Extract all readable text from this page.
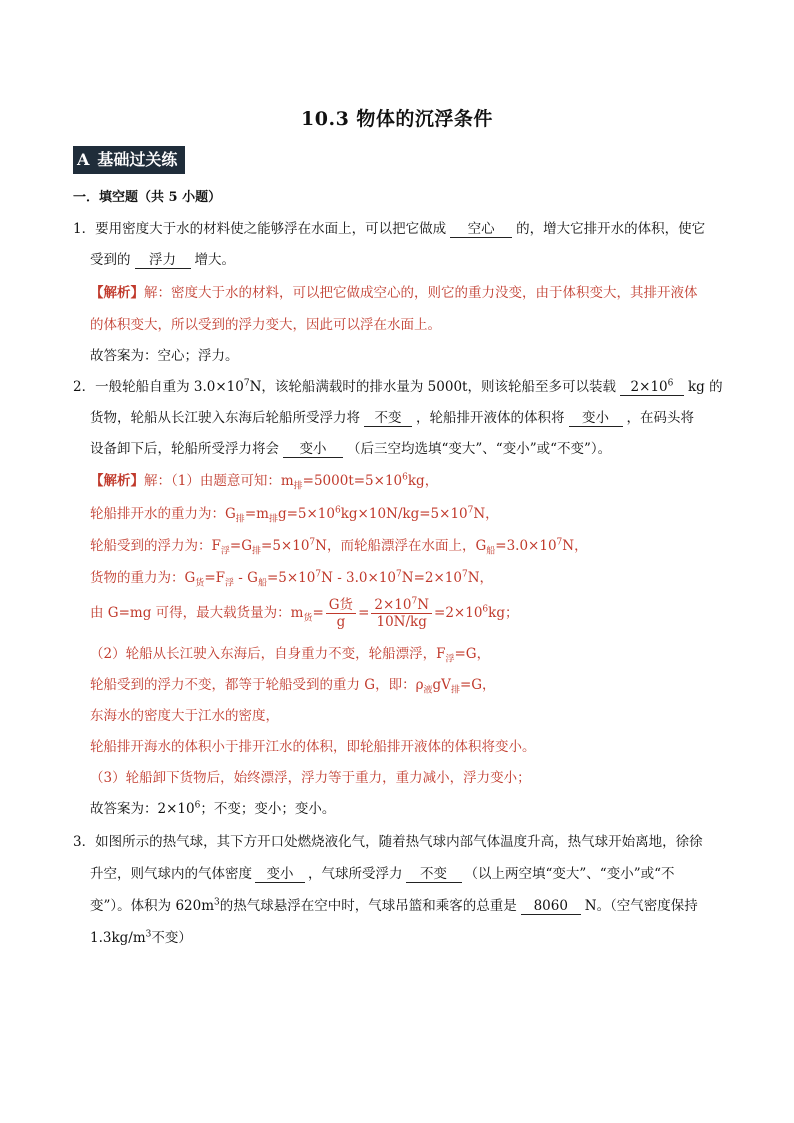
10.3 物体的沉浮条件
A 基础过关练
一．填空题（共 5 小题）
1．要用密度大于水的材料使之能够浮在水面上，可以把它做成 空心 的，增大它排开水的体积，使它
受到的 浮力 增大。
【解析】解：密度大于水的材料，可以把它做成空心的，则它的重力没变，由于体积变大，其排开液体
的体积变大，所以受到的浮力变大，因此可以浮在水面上。
故答案为：空心；浮力。
2．一般轮船自重为 $3.0\times 10^7N$，该轮船满载时的排水量为 5000t，则该轮船至多可以装载 $2\times 10^6$ kg 的
货物，轮船从长江驶入东海后轮船所受浮力将 不变 ，轮船排开液体的体积将 变小 ，在码头将
设备卸下后，轮船所受浮力将会 变小 （后三空均选填“变大”、“变小”或“不变”）。
【解析】解：（1）由题意可知：$m_排=5000t=5\times 10^6kg$，
轮船排开水的重力为：$G_排=m_排g=5\times 10^6kg\times 10N/kg=5\times 10^7N$，
轮船受到的浮力为：$F_浮=G_排=5\times 10^7N$，而轮船漂浮在水面上，$G_船=3.0\times 10^7N$，
货物的重力为：$G_货=F_浮 - G_船=5\times 10^7N - 3.0\times 10^7N=2\times 10^7N$，
由 G=mg 可得，最大载货量为：$m_货= \frac{\text{G货}}{g} = \frac{2\times 10^7N}{10N/kg} =2\times 10^6kg$；
（2）轮船从长江驶入东海后，自身重力不变，轮船漂浮，$F_浮=G$，
轮船受到的浮力不变，都等于轮船受到的重力 G，即：$\rho_液gV_排=G$，
东海水的密度大于江水的密度，
轮船排开海水的体积小于排开江水的体积，即轮船排开液体的体积将变小。
（3）轮船卸下货物后，始终漂浮，浮力等于重力，重力减小，浮力变小；
故答案为：$2\times 10^6$；不变；变小；变小。
3．如图所示的热气球，其下方开口处燃烧液化气，随着热气球内部气体温度升高，热气球开始离地，徐徐
升空，则气球内的气体密度 变小 ，气球所受浮力 不变 （以上两空填“变大”、“变小”或“不
变”）。体积为 $620m^3$的热气球悬浮在空中时，气球吊篮和乘客的总重是 8060 N。（空气密度保持
$1.3kg/m^3$不变）
